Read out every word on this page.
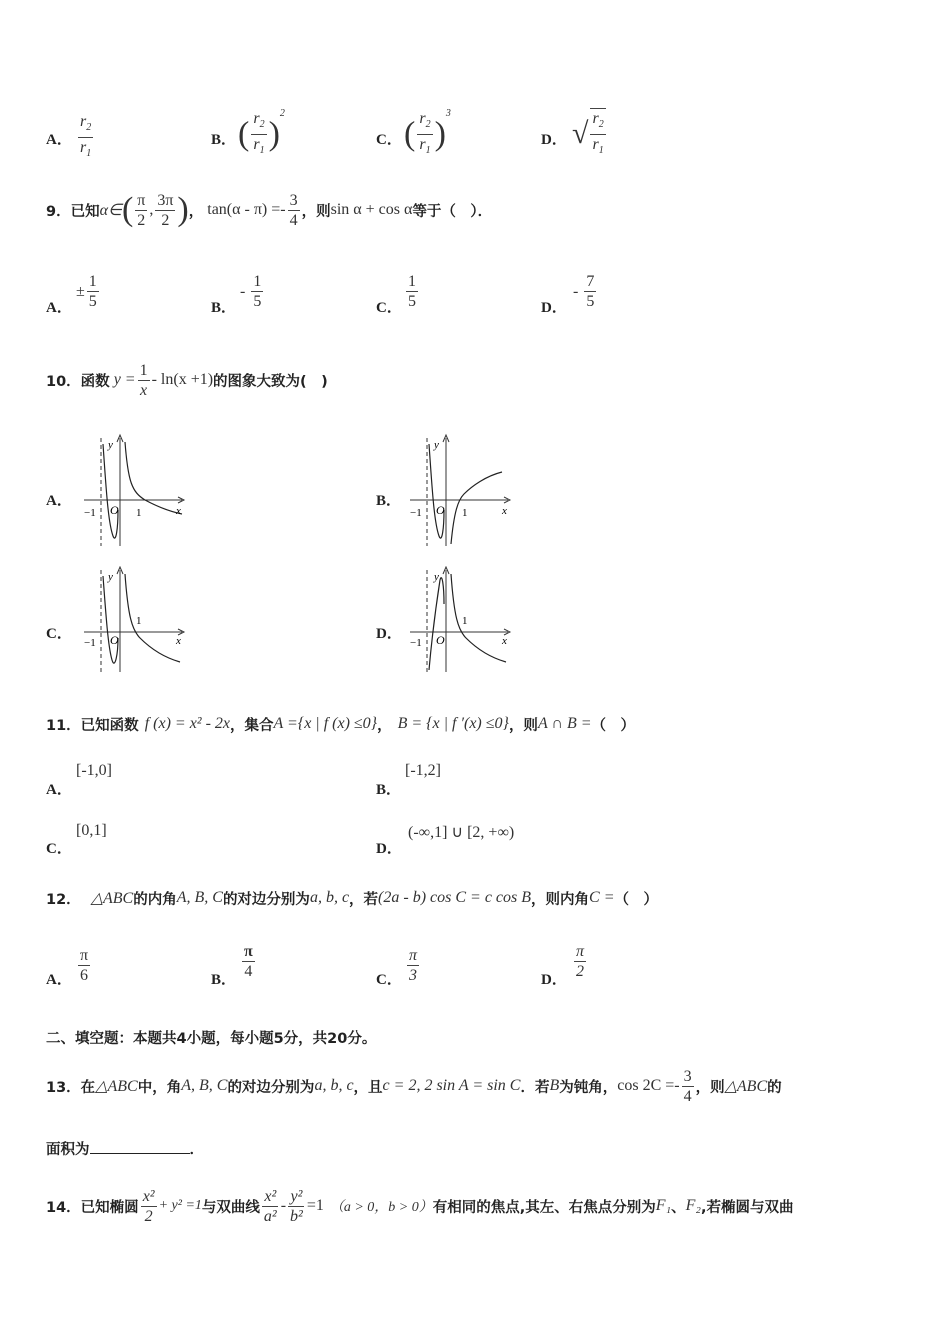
A． $\frac{r_2}{r_1}$	B． ( $\frac{r_2}{r_1} )^2$
C． ( $\frac{r_2}{r_1} )^3$
D． √ $\frac{r_2}{r_1}$
9．已知 α∈ ( $\frac{\pi}{2}$ , $\frac{3\pi}{2}$ ) ， $\tan(\alpha - \pi) =- \frac{3}{4}$ ，则 sin α + cos α 等于（　）．
A．
± $\frac{1}{5}$	B．
- $\frac{1}{5}$	C． $\frac{1}{5}$	D．
- $\frac{7}{5}$
10．函数 $y = \frac{1}{x} - \ln(x +1)$ 的图象大致为(　)
A．	B．
C．	D．
y
x
−1 O 1
y
x
−1 O 1
y
x
−1 O
1
y
x
−1 O
1
11．已知函数 f (x) = x² - 2x ，集合 A ={x | f (x) ≤0} ， B = {x | f ′(x) ≤0} ，则 A ∩ B = （　）
A．
[-1,0]
B．
[-1,2]
C．
[0,1]
D．
(-∞,1] ∪ [2, +∞)
12． △ABC 的内角 A, B, C 的对边分别为 a, b, c ，若 (2a - b) cos C = c cos B ，则内角 C = （　）
A． $\frac{\pi}{6}$	B． $\frac{\pi}{4}$	C． $\frac{\pi}{3}$	D． $\frac{\pi}{2}$
二、填空题：本题共4小题，每小题5分，共20分。
13．在 △ABC 中，角 A, B, C 的对边分别为 a, b, c ，且 c = 2, 2 sin A = sin C ．若 B 为钝角， $\cos 2C =- \frac{3}{4}$ ，则 △ABC 的
面积为	．
14．已知椭圆 $\frac{\text{x²}}{2} + y^2 =1$ 与双曲线 $\frac{\text{x²}}{\text{a²}} - \frac{\text{y²}}{\text{b²}} =1$ （a > 0，b > 0） 有相同的焦点,其左、右焦点分别为 F₁ 、 F₂ ,若椭圆与双曲
